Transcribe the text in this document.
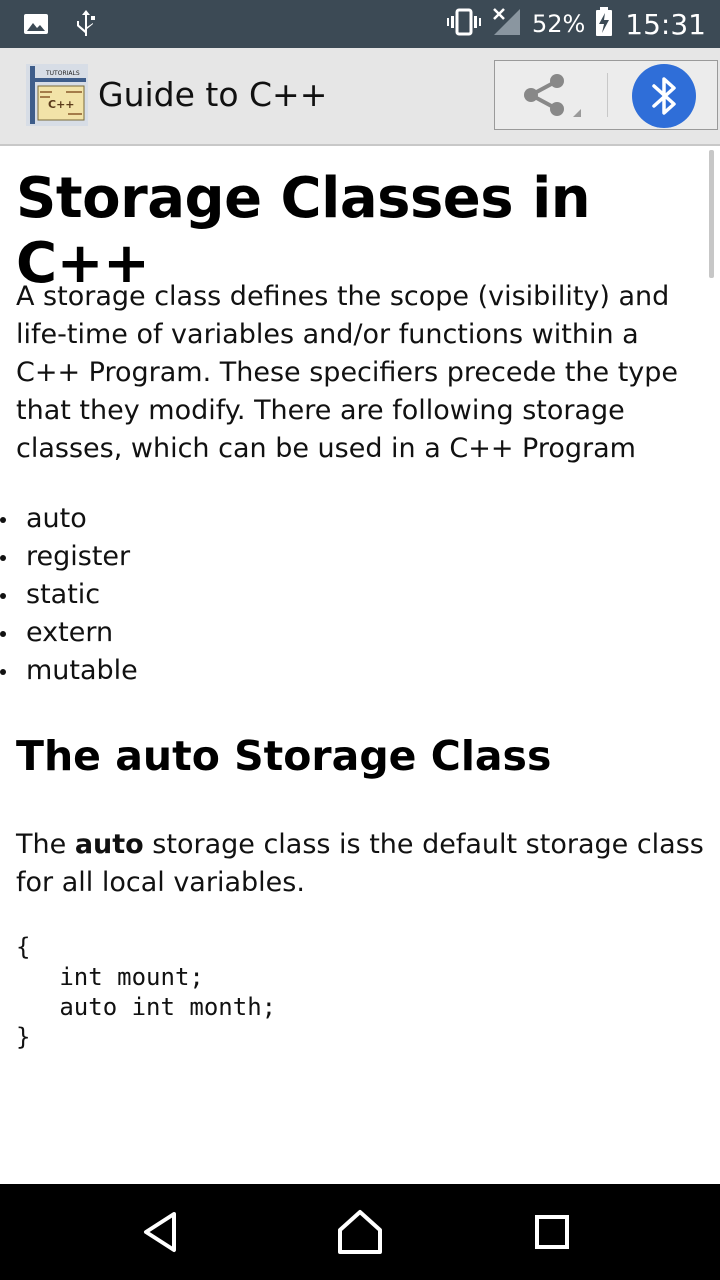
52% 15:31
TUTORIALS
C++ Guide to C++
Storage Classes in C++

A storage class defines the scope (visibility) and life-time of variables and/or functions within a C++ Program. These specifiers precede the type that they modify. There are following storage classes, which can be used in a C++ Program

auto
register
static
extern
mutable
The auto Storage Class

The auto storage class is the default storage class for all local variables.

{
int mount;
auto int month;
}
